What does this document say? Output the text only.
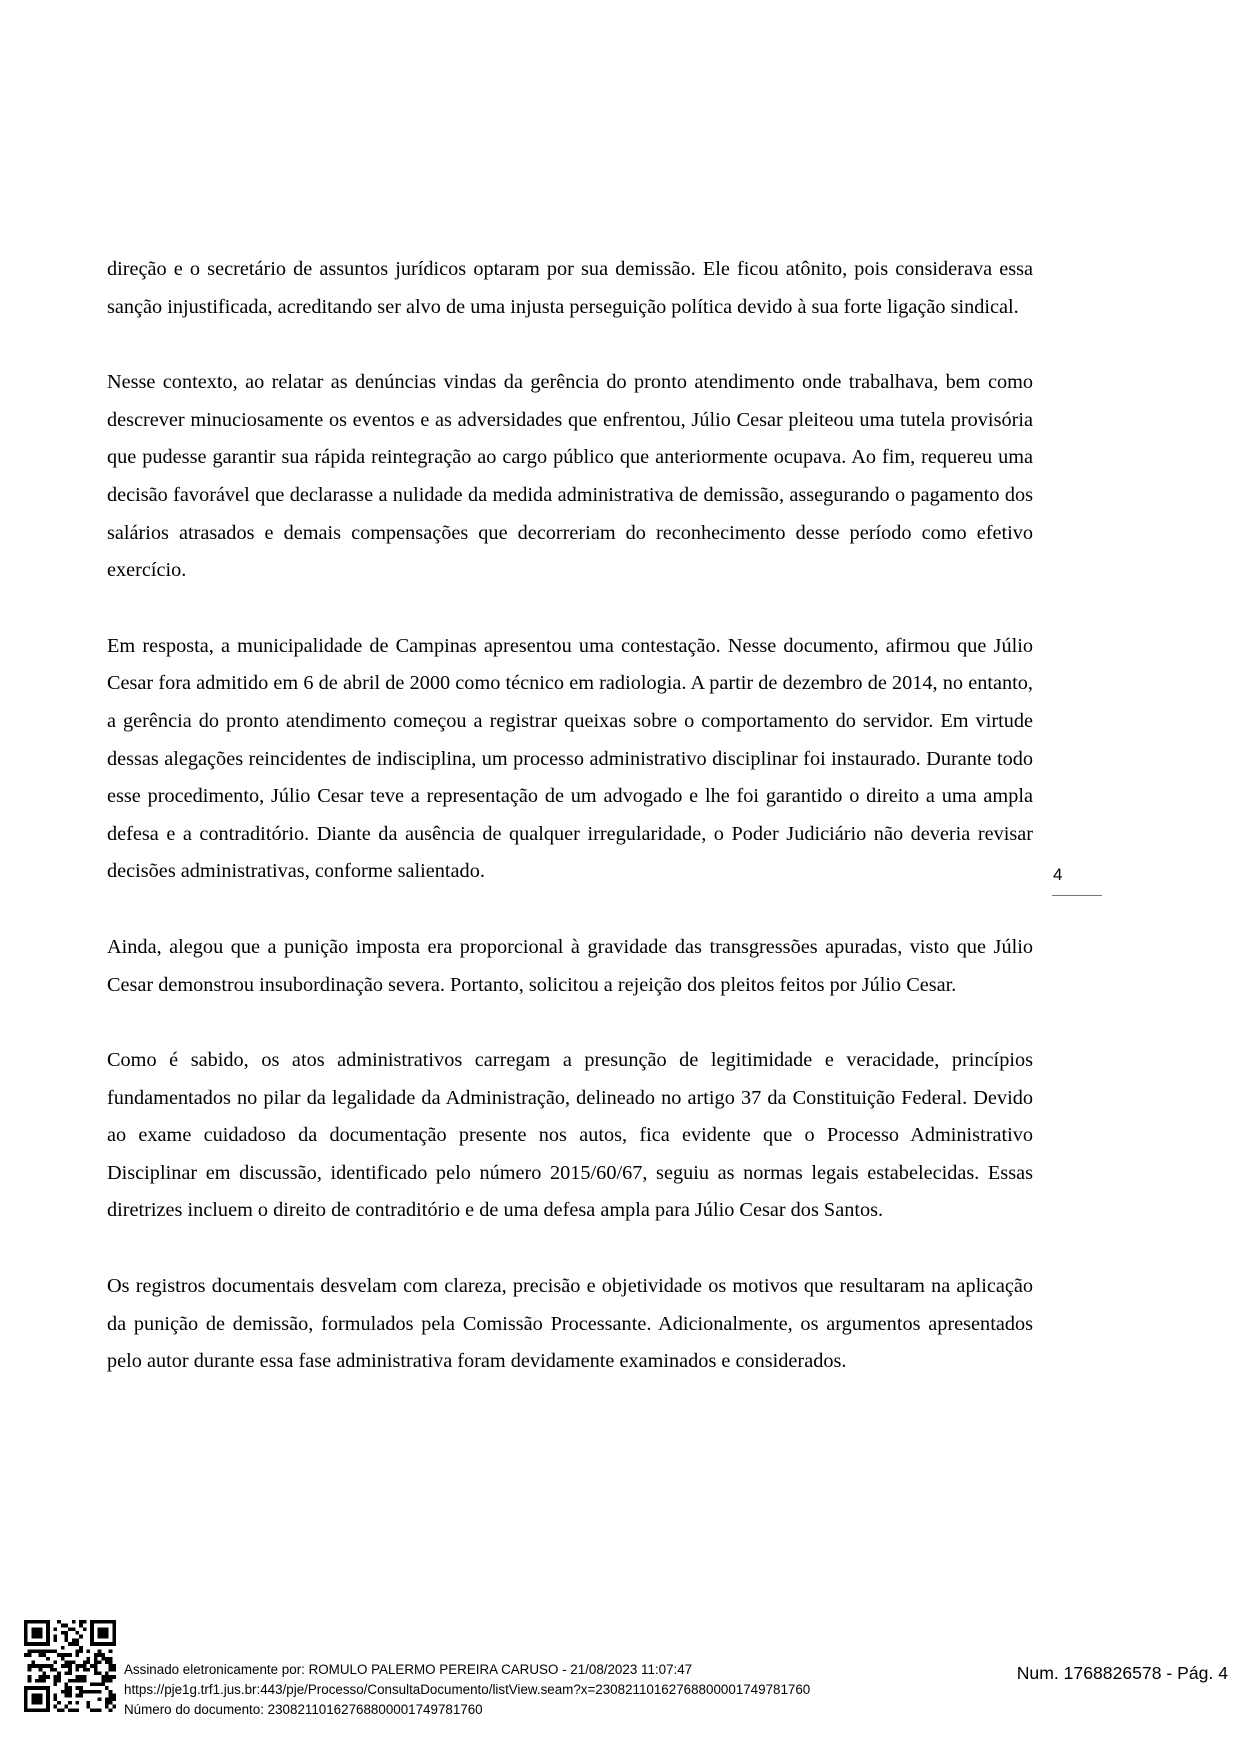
direção e o secretário de assuntos jurídicos optaram por sua demissão. Ele ficou atônito, pois considerava essa sanção injustificada, acreditando ser alvo de uma injusta perseguição política devido à sua forte ligação sindical.

Nesse contexto, ao relatar as denúncias vindas da gerência do pronto atendimento onde trabalhava, bem como descrever minuciosamente os eventos e as adversidades que enfrentou, Júlio Cesar pleiteou uma tutela provisória que pudesse garantir sua rápida reintegração ao cargo público que anteriormente ocupava. Ao fim, requereu uma decisão favorável que declarasse a nulidade da medida administrativa de demissão, assegurando o pagamento dos salários atrasados e demais compensações que decorreriam do reconhecimento desse período como efetivo exercício.

Em resposta, a municipalidade de Campinas apresentou uma contestação. Nesse documento, afirmou que Júlio Cesar fora admitido em 6 de abril de 2000 como técnico em radiologia. A partir de dezembro de 2014, no entanto, a gerência do pronto atendimento começou a registrar queixas sobre o comportamento do servidor. Em virtude dessas alegações reincidentes de indisciplina, um processo administrativo disciplinar foi instaurado. Durante todo esse procedimento, Júlio Cesar teve a representação de um advogado e lhe foi garantido o direito a uma ampla defesa e a contraditório. Diante da ausência de qualquer irregularidade, o Poder Judiciário não deveria revisar decisões administrativas, conforme salientado.

Ainda, alegou que a punição imposta era proporcional à gravidade das transgressões apuradas, visto que Júlio Cesar demonstrou insubordinação severa. Portanto, solicitou a rejeição dos pleitos feitos por Júlio Cesar.

Como é sabido, os atos administrativos carregam a presunção de legitimidade e veracidade, princípios fundamentados no pilar da legalidade da Administração, delineado no artigo 37 da Constituição Federal. Devido ao exame cuidadoso da documentação presente nos autos, fica evidente que o Processo Administrativo Disciplinar em discussão, identificado pelo número 2015/60/67, seguiu as normas legais estabelecidas. Essas diretrizes incluem o direito de contraditório e de uma defesa ampla para Júlio Cesar dos Santos.

Os registros documentais desvelam com clareza, precisão e objetividade os motivos que resultaram na aplicação da punição de demissão, formulados pela Comissão Processante. Adicionalmente, os argumentos apresentados pelo autor durante essa fase administrativa foram devidamente examinados e considerados.

4
Assinado eletronicamente por: ROMULO PALERMO PEREIRA CARUSO - 21/08/2023 11:07:47
https://pje1g.trf1.jus.br:443/pje/Processo/ConsultaDocumento/listView.seam?x=23082110162768800001749781760
Número do documento: 23082110162768800001749781760
Num. 1768826578 - Pág. 4
